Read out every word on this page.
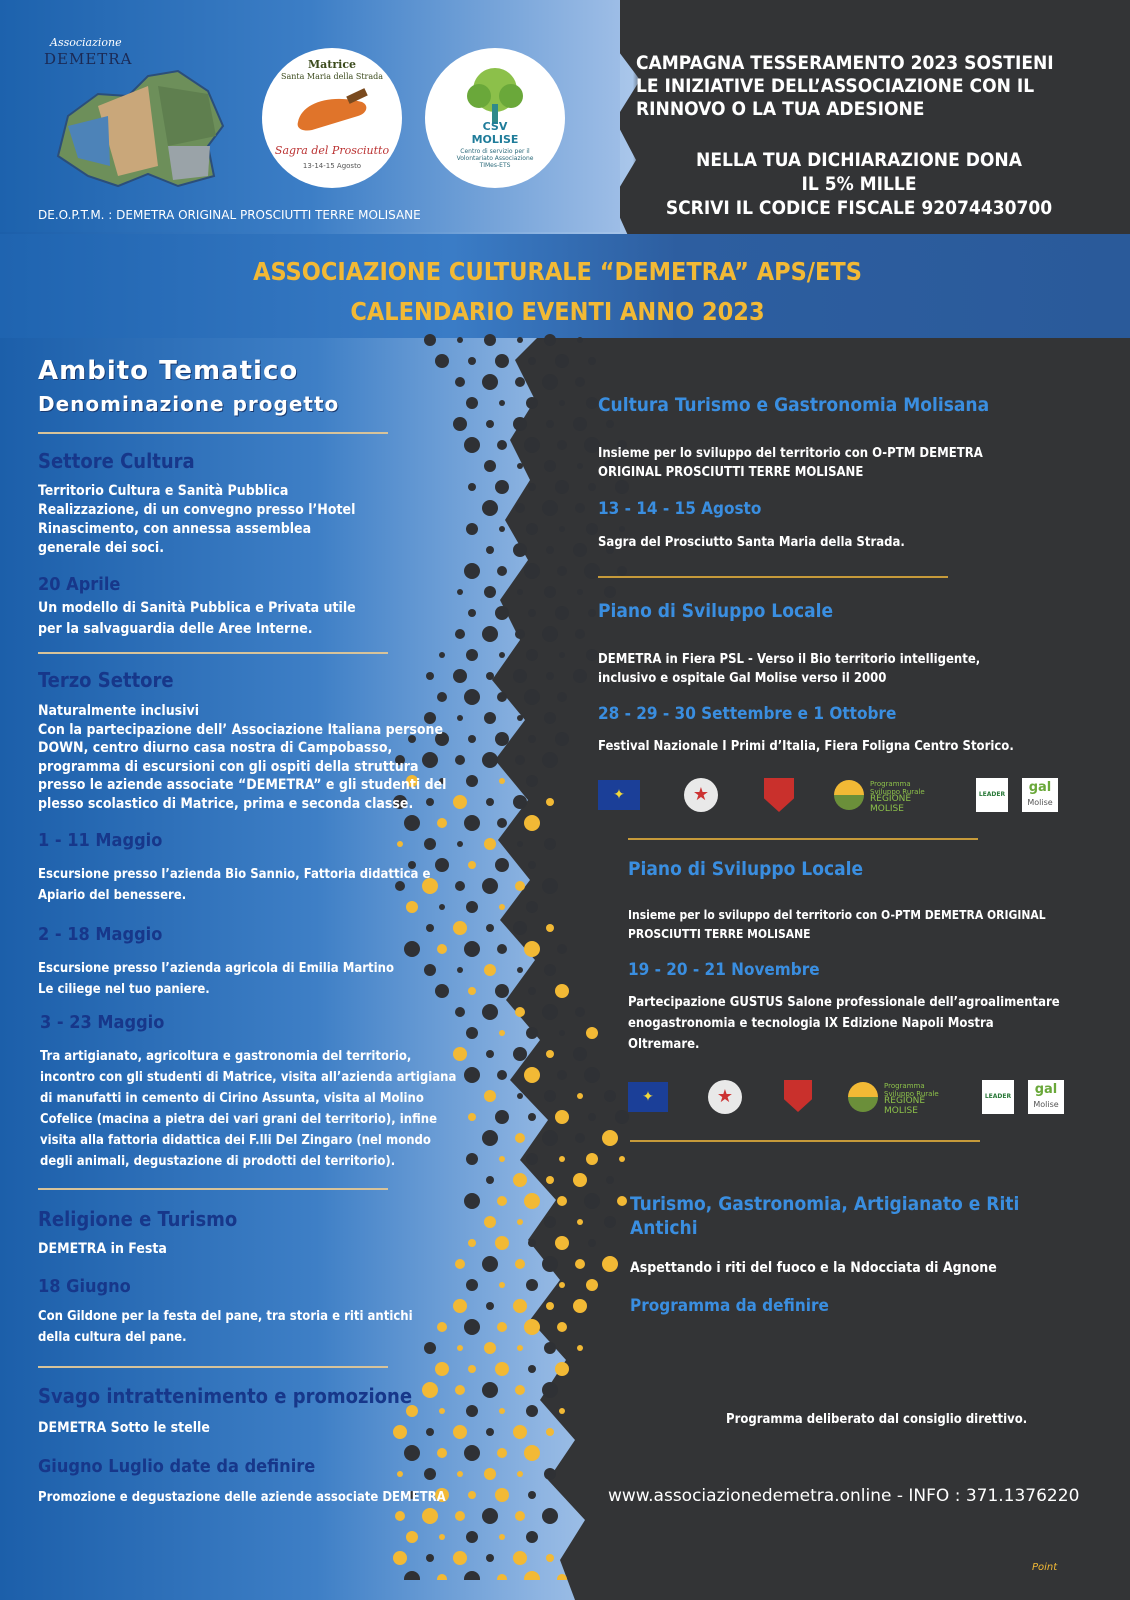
Associazione
DEMETRA	Matrice
Santa Maria della Strada
Sagra del Prosciutto
13-14-15 Agosto
CSV
MOLISE
Centro di servizio per il Volontariato Associazione TIMes-ETS
DE.O.P.T.M. : DEMETRA ORIGINAL PROSCIUTTI TERRE MOLISANE
CAMPAGNA TESSERAMENTO 2023 SOSTIENI
LE INIZIATIVE DELL’ASSOCIAZIONE CON IL
RINNOVO O LA TUA ADESIONE
NELLA TUA DICHIARAZIONE DONA
IL 5% MILLE
SCRIVI IL CODICE FISCALE 92074430700
ASSOCIAZIONE CULTURALE “DEMETRA” APS/ETS
CALENDARIO EVENTI ANNO 2023
Ambito Tematico
Denominazione progetto
Settore Cultura
Territorio Cultura e Sanità Pubblica
Realizzazione, di un convegno presso l’Hotel
Rinascimento, con annessa assemblea
generale dei soci.
20 Aprile
Un modello di Sanità Pubblica e Privata utile
per la salvaguardia delle Aree Interne.
Terzo Settore
Naturalmente inclusivi
Con la partecipazione dell’ Associazione Italiana persone
DOWN, centro diurno casa nostra di Campobasso,
programma di escursioni con gli ospiti della struttura
presso le aziende associate “DEMETRA” e gli studenti del
plesso scolastico di Matrice, prima e seconda classe.
1 - 11 Maggio
Escursione presso l’azienda Bio Sannio, Fattoria didattica e
Apiario del benessere.
2 - 18 Maggio
Escursione presso l’azienda agricola di Emilia Martino
Le ciliege nel tuo paniere.
3 - 23 Maggio
Tra artigianato, agricoltura e gastronomia del territorio,
incontro con gli studenti di Matrice, visita all’azienda artigiana
di manufatti in cemento di Cirino Assunta, visita al Molino
Cofelice (macina a pietra dei vari grani del territorio), infine
visita alla fattoria didattica dei F.lli Del Zingaro (nel mondo
degli animali, degustazione di prodotti del territorio).
Religione e Turismo
DEMETRA in Festa
18 Giugno
Con Gildone per la festa del pane, tra storia e riti antichi
della cultura del pane.
Svago intrattenimento e promozione
DEMETRA Sotto le stelle
Giugno Luglio date da definire
Promozione e degustazione delle aziende associate DEMETRA
Cultura Turismo e Gastronomia Molisana
Insieme per lo sviluppo del territorio con O-PTM DEMETRA
ORIGINAL PROSCIUTTI TERRE MOLISANE
13 - 14 - 15 Agosto
Sagra del Prosciutto Santa Maria della Strada.
Piano di Sviluppo Locale
DEMETRA in Fiera PSL - Verso il Bio territorio intelligente,
inclusivo e ospitale Gal Molise verso il 2000
28 - 29 - 30 Settembre e 1 Ottobre
Festival Nazionale I Primi d’Italia, Fiera Foligna Centro Storico.
✦	★	Programma Sviluppo Rurale
REGIONE MOLISE
LEADER	gal
Molise
Piano di Sviluppo Locale
Insieme per lo sviluppo del territorio con O-PTM DEMETRA ORIGINAL
PROSCIUTTI TERRE MOLISANE
19 - 20 - 21 Novembre
Partecipazione GUSTUS Salone professionale dell’agroalimentare
enogastronomia e tecnologia IX Edizione Napoli Mostra
Oltremare.
✦	★	Programma Sviluppo Rurale
REGIONE MOLISE
LEADER	gal
Molise
Turismo, Gastronomia, Artigianato e Riti
Antichi
Aspettando i riti del fuoco e la Ndocciata di Agnone
Programma da definire
Programma deliberato dal consiglio direttivo.
www.associazionedemetra.online - INFO : 371.1376220
Point
